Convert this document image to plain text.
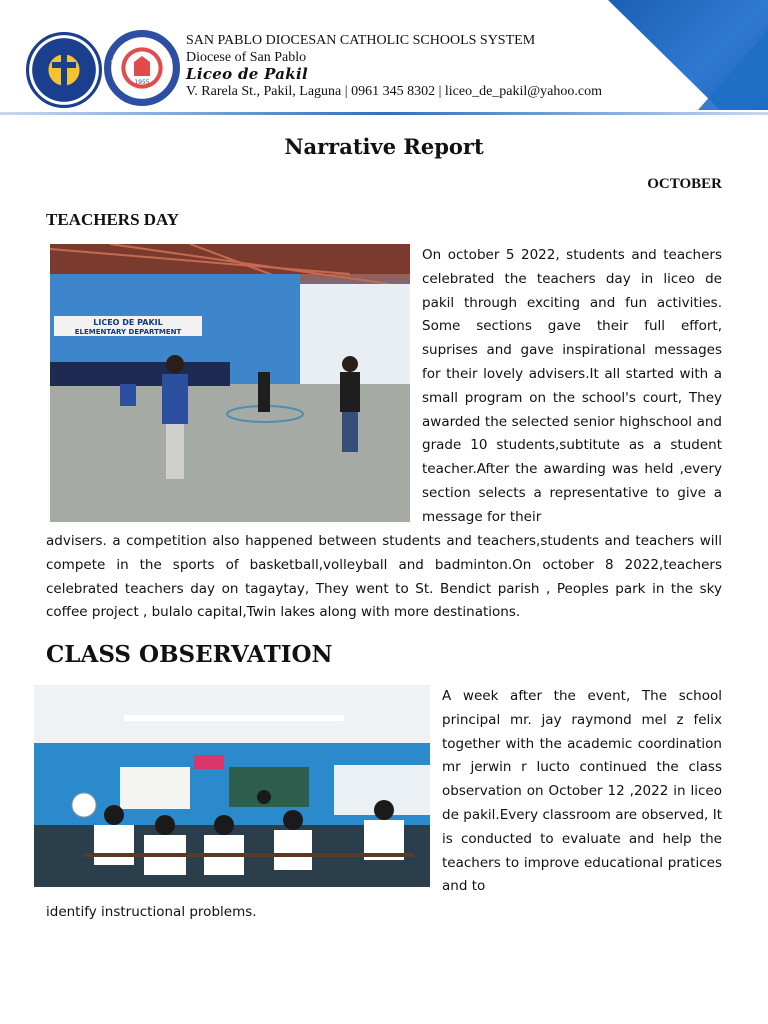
LICEO DE PAKIL
PAKIL, LAGUNA
1955
SAN PABLO DIOCESAN CATHOLIC SCHOOLS SYSTEM
Diocese of San Pablo
Liceo de Pakil
V. Rarela St., Pakil, Laguna | 0961 345 8302 | liceo_de_pakil@yahoo.com
Narrative Report
OCTOBER
TEACHERS DAY
LICEO DE PAKIL
ELEMENTARY DEPARTMENT

On october 5 2022, students and teachers celebrated the teachers day in liceo de pakil through exciting and fun activities. Some sections gave their full effort, suprises and gave inspirational messages for their lovely advisers.It all started with a small program on the school's court, They awarded the selected senior highschool and grade 10 students,subtitute as a student teacher.After the awarding was held ,every section selects a representative to give a message for their

advisers. a competition also happened between students and teachers,students and teachers will compete in the sports of basketball,volleyball and badminton.On october 8 2022,teachers celebrated teachers day on tagaytay, They went to St. Bendict parish , Peoples park in the sky coffee project , bulalo capital,Twin lakes along with more destinations.

CLASS OBSERVATION

A week after the event, The school principal mr. jay raymond mel z felix together with the academic coordination mr jerwin r lucto continued the class observation on October 12 ,2022 in liceo de pakil.Every classroom are observed, It is conducted to evaluate and help the teachers to improve educational pratices and to

identify instructional problems.
